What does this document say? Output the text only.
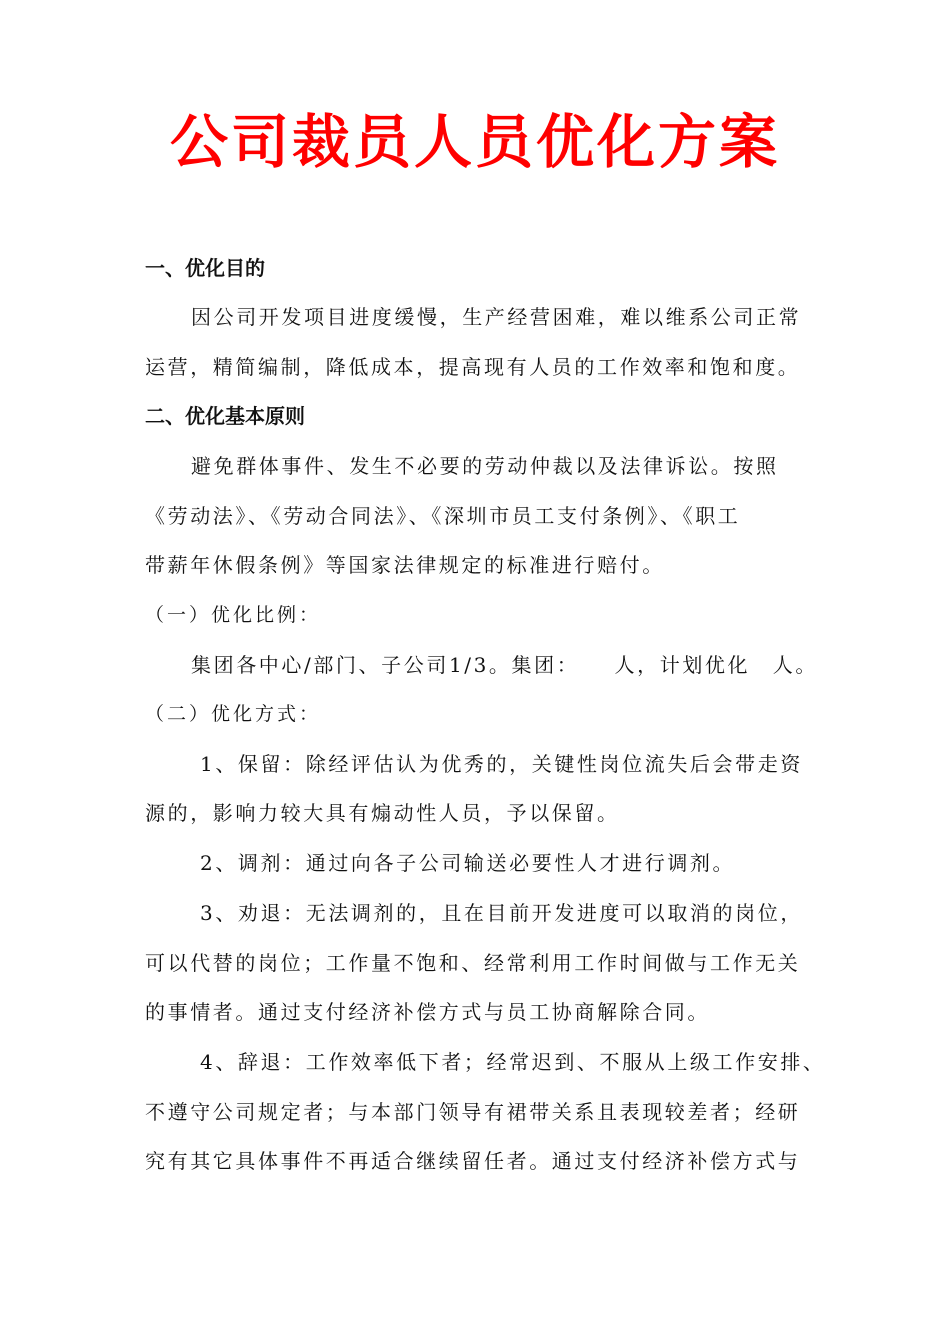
公司裁员人员优化方案
一、优化目的
因公司开发项目进度缓慢，生产经营困难，难以维系公司正常
运营，精简编制，降低成本，提高现有人员的工作效率和饱和度。
二、优化基本原则
避免群体事件、发生不必要的劳动仲裁以及法律诉讼。按照
《劳动法》、《劳动合同法》、《深圳市员工支付条例》、《职工
带薪年休假条例》等国家法律规定的标准进行赔付。
（一）优化比例：
集团各中心/部门、子公司1/3。集团：　　人，计划优化　人。
（二）优化方式：
1、保留：除经评估认为优秀的，关键性岗位流失后会带走资
源的，影响力较大具有煽动性人员，予以保留。
2、调剂：通过向各子公司输送必要性人才进行调剂。
3、劝退：无法调剂的，且在目前开发进度可以取消的岗位，
可以代替的岗位；工作量不饱和、经常利用工作时间做与工作无关
的事情者。通过支付经济补偿方式与员工协商解除合同。
4、辞退：工作效率低下者；经常迟到、不服从上级工作安排、
不遵守公司规定者；与本部门领导有裙带关系且表现较差者；经研
究有其它具体事件不再适合继续留任者。通过支付经济补偿方式与
